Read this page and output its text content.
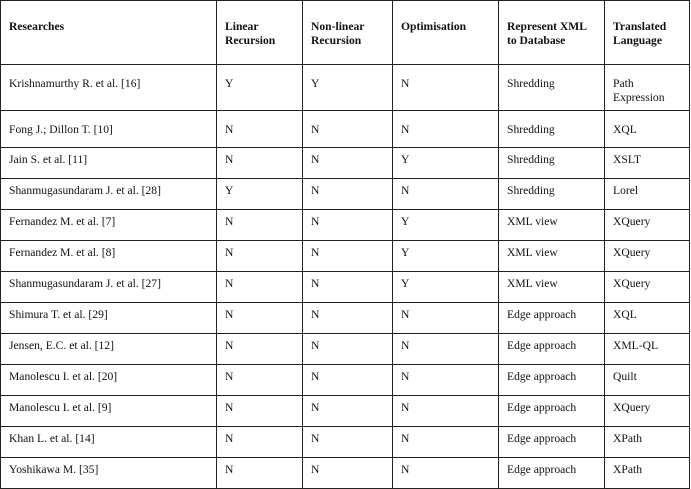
Researches	Linear Recursion	Non-linear Recursion	Optimisation	Represent XML to Database	Translated Language
Krishnamurthy R. et al. [16]	Y	Y	N	Shredding	Path Expression
Fong J.; Dillon T. [10]	N	N	N	Shredding	XQL
Jain S. et al. [11]	N	N	Y	Shredding	XSLT
Shanmugasundaram J. et al. [28]	Y	N	N	Shredding	Lorel
Fernandez M. et al. [7]	N	N	Y	XML view	XQuery
Fernandez M. et al. [8]	N	N	Y	XML view	XQuery
Shanmugasundaram J. et al. [27]	N	N	Y	XML view	XQuery
Shimura T. et al. [29]	N	N	N	Edge approach	XQL
Jensen, E.C. et al. [12]	N	N	N	Edge approach	XML-QL
Manolescu I. et al. [20]	N	N	N	Edge approach	Quilt
Manolescu I. et al. [9]	N	N	N	Edge approach	XQuery
Khan L. et al. [14]	N	N	N	Edge approach	XPath
Yoshikawa M. [35]	N	N	N	Edge approach	XPath
